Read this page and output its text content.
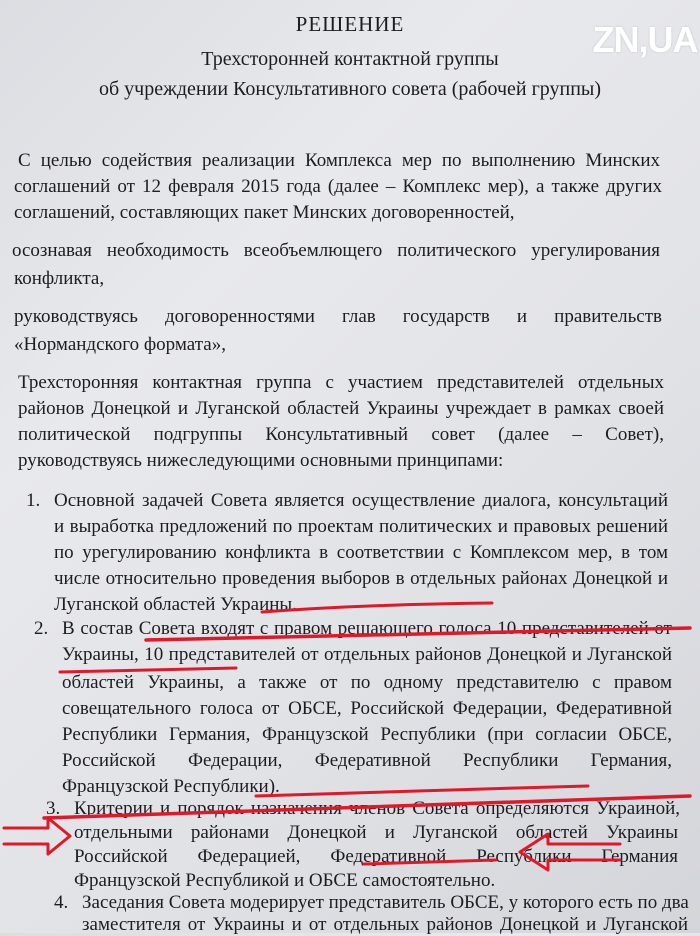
ZN,UA
РЕШЕНИЕ
Трехсторонней контактной группы
об учреждении Консультативного совета (рабочей группы)
С целью содействия реализации Комплекса мер по выполнению Минских
соглашений от 12 февраля 2015 года (далее – Комплекс мер), а также других
соглашений, составляющих пакет Минских договоренностей,
осознавая необходимость всеобъемлющего политического урегулирования
конфликта,
руководствуясь договоренностями глав государств и правительств
«Нормандского формата»,
Трехсторонняя контактная группа с участием представителей отдельных
районов Донецкой и Луганской областей Украины учреждает в рамках своей
политической подгруппы Консультативный совет (далее – Совет),
руководствуясь нижеследующими основными принципами:
1. Основной задачей Совета является осуществление диалога, консультаций
и выработка предложений по проектам политических и правовых решений
по урегулированию конфликта в соответствии с Комплексом мер, в том
числе относительно проведения выборов в отдельных районах Донецкой и
Луганской областей Украины.
2. В состав Совета входят с правом решающего голоса 10 представителей от
Украины, 10 представителей от отдельных районов Донецкой и Луганской
областей Украины, а также от по одному представителю с правом
совещательного голоса от ОБСЕ, Российской Федерации, Федеративной
Республики Германия, Французской Республики (при согласии ОБСЕ,
Российской Федерации, Федеративной Республики Германия,
Французской Республики).
3. Критерии и порядок назначения членов Совета определяются Украиной,
отдельными районами Донецкой и Луганской областей Украины
Российской Федерацией, Федеративной Республики Германия
Французской Республикой и ОБСЕ самостоятельно.
4. Заседания Совета модерирует представитель ОБСЕ, у которого есть по два
заместителя от Украины и от отдельных районов Донецкой и Луганской
